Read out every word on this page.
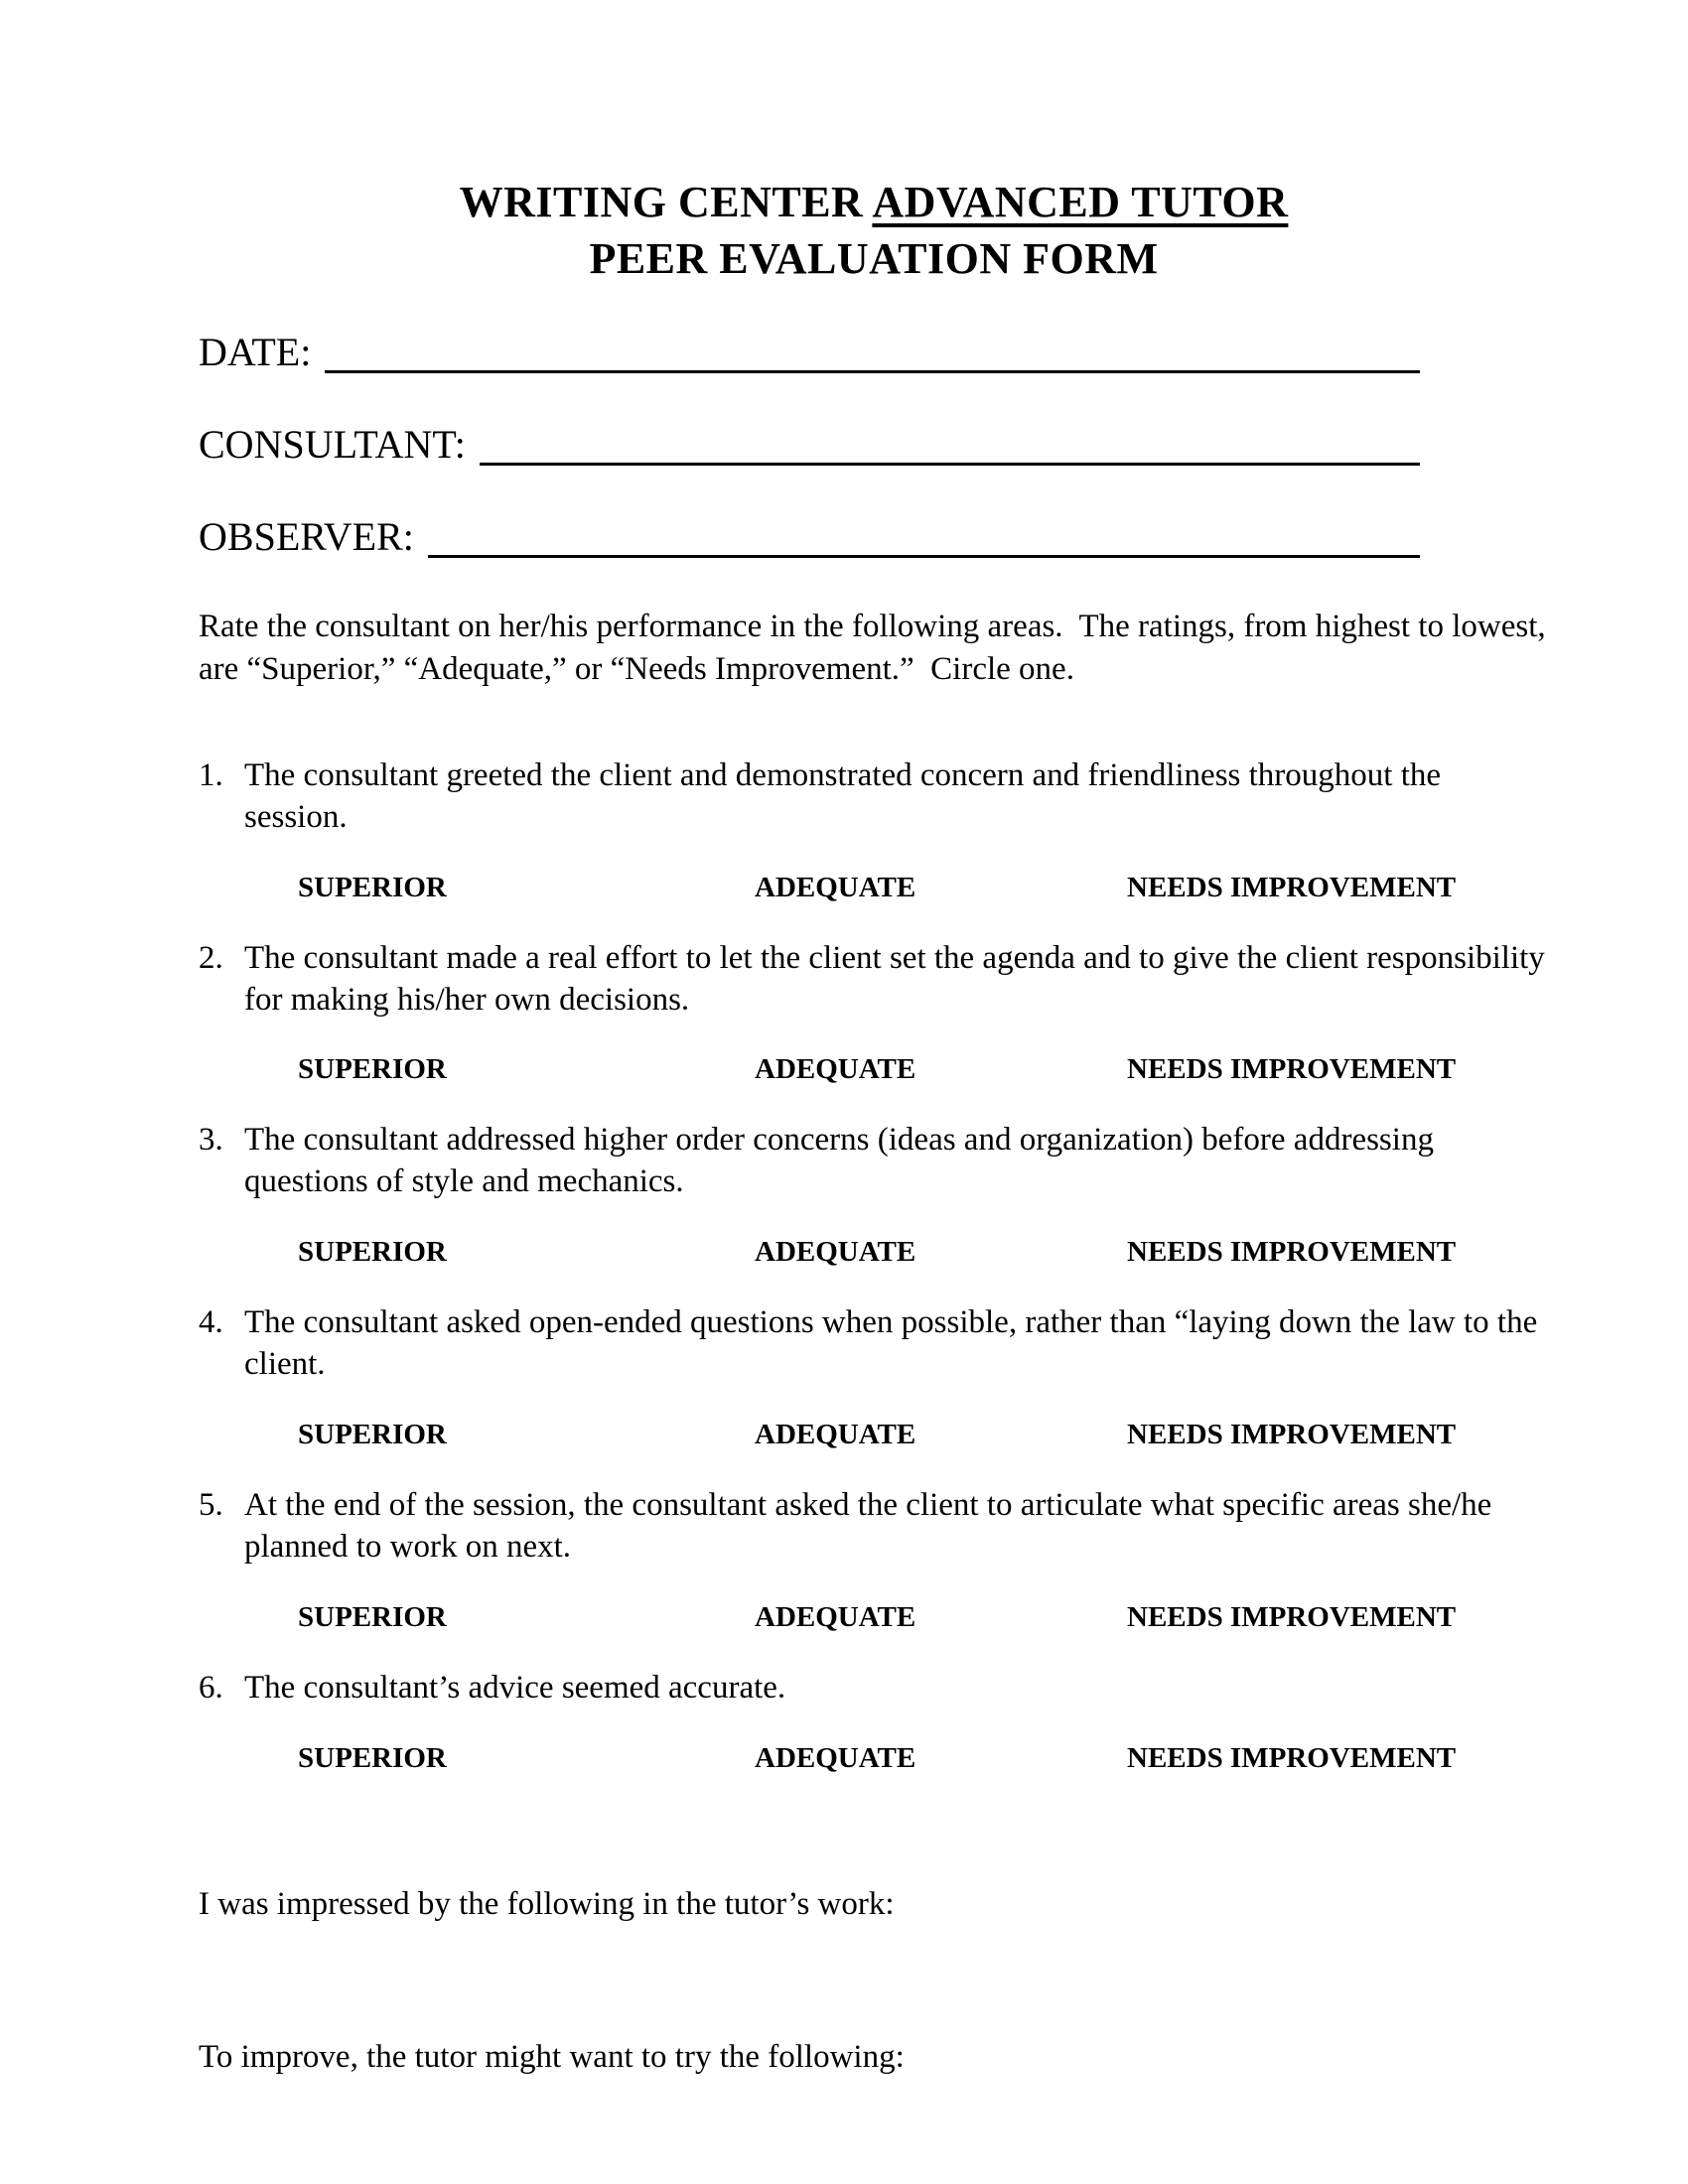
WRITING CENTER ADVANCED TUTOR
PEER EVALUATION FORM
DATE:
CONSULTANT:
OBSERVER:
Rate the consultant on her/his performance in the following areas.  The ratings, from highest to lowest, are “Superior,” “Adequate,” or “Needs Improvement.”  Circle one.
1. The consultant greeted the client and demonstrated concern and friendliness throughout the session.
SUPERIOR	ADEQUATE	NEEDS IMPROVEMENT
2. The consultant made a real effort to let the client set the agenda and to give the client responsibility for making his/her own decisions.
SUPERIOR	ADEQUATE	NEEDS IMPROVEMENT
3. The consultant addressed higher order concerns (ideas and organization) before addressing questions of style and mechanics.
SUPERIOR	ADEQUATE	NEEDS IMPROVEMENT
4. The consultant asked open-ended questions when possible, rather than “laying down the law to the client.
SUPERIOR	ADEQUATE	NEEDS IMPROVEMENT
5. At the end of the session, the consultant asked the client to articulate what specific areas she/he planned to work on next.
SUPERIOR	ADEQUATE	NEEDS IMPROVEMENT
6. The consultant’s advice seemed accurate.
SUPERIOR	ADEQUATE	NEEDS IMPROVEMENT
I was impressed by the following in the tutor’s work:
To improve, the tutor might want to try the following:
